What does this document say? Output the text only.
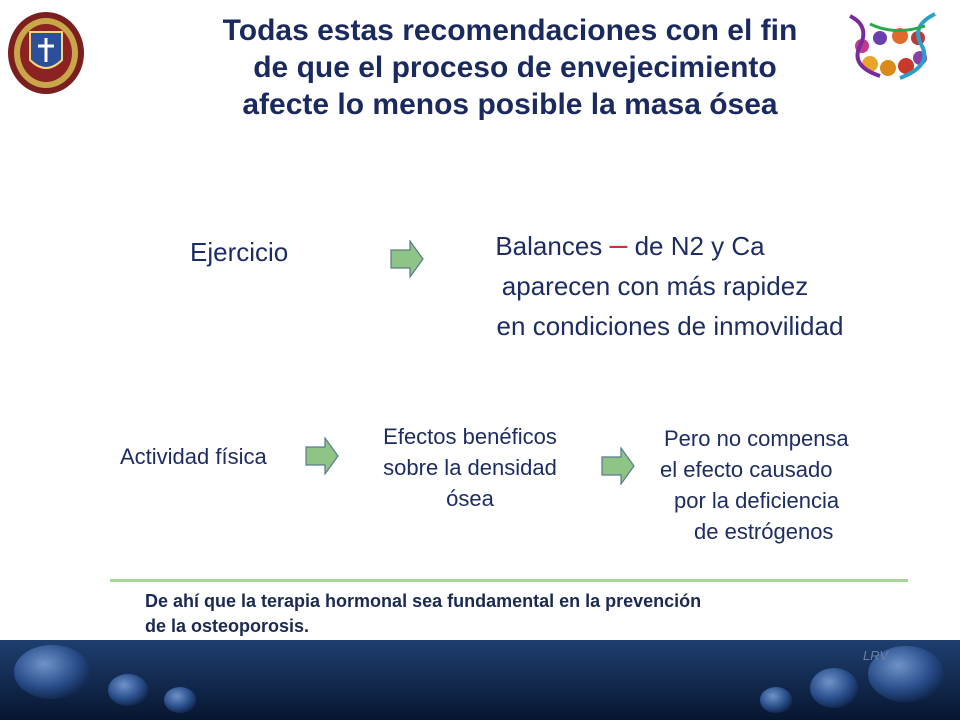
Todas estas recomendaciones con el fin
de que el proceso de envejecimiento
afecte lo menos posible la masa ósea
Ejercicio	Balances – de N2 y Ca
aparecen con más rapidez
en condiciones de inmovilidad
Actividad física
Efectos benéficos
sobre la densidad
ósea
Pero no compensa
el efecto causado
por la deficiencia
de estrógenos
De ahí que la terapia hormonal sea fundamental en la prevención
de la osteoporosis.
LRV
